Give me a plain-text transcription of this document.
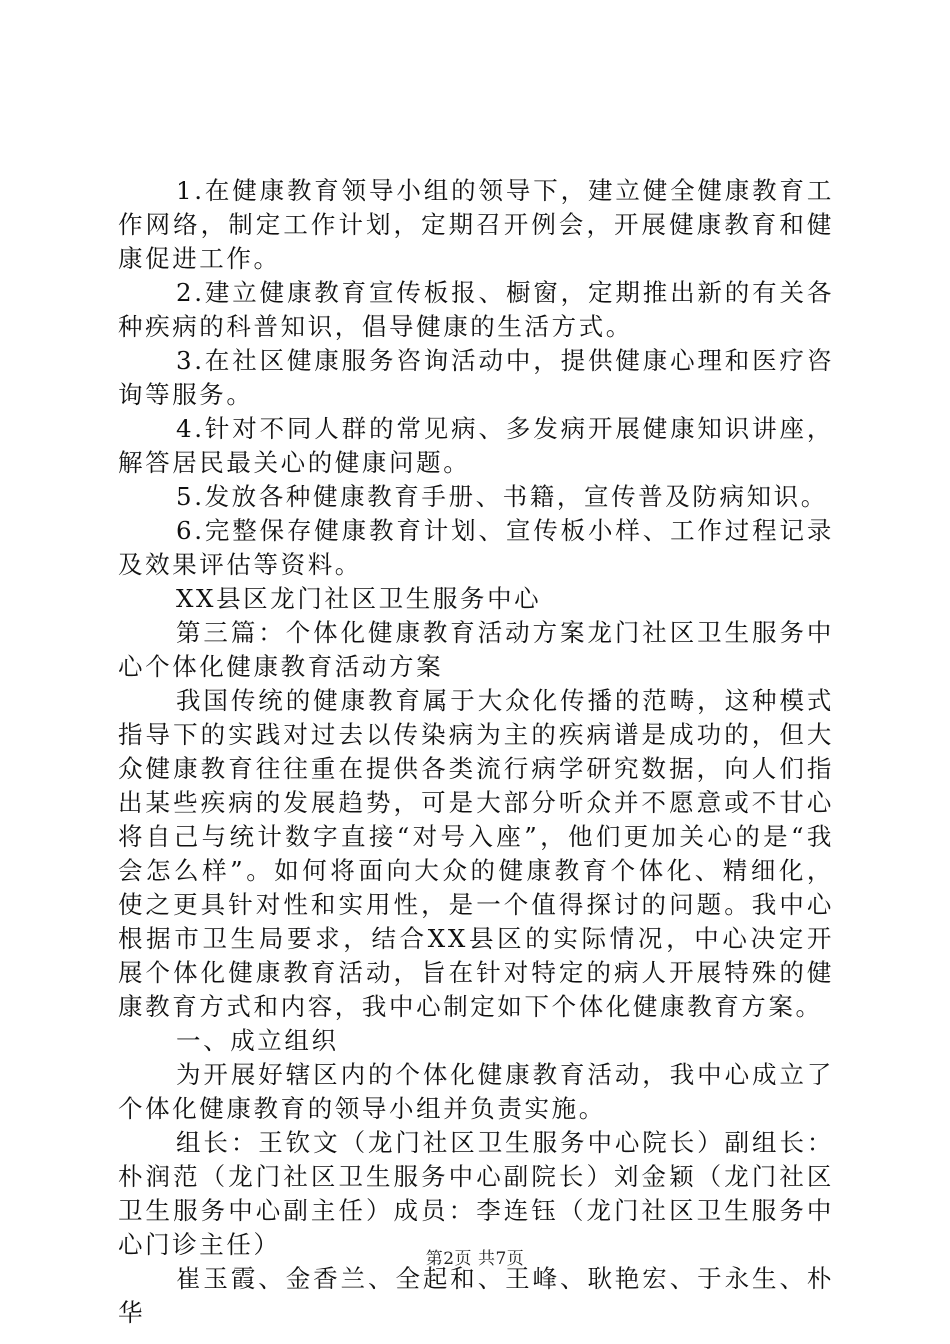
1.在健康教育领导小组的领导下，建立健全健康教育工作网络，制定工作计划，定期召开例会，开展健康教育和健康促进工作。

2.建立健康教育宣传板报、橱窗，定期推出新的有关各种疾病的科普知识，倡导健康的生活方式。

3.在社区健康服务咨询活动中，提供健康心理和医疗咨询等服务。

4.针对不同人群的常见病、多发病开展健康知识讲座，解答居民最关心的健康问题。

5.发放各种健康教育手册、书籍，宣传普及防病知识。

6.完整保存健康教育计划、宣传板小样、工作过程记录及效果评估等资料。

XX县区龙门社区卫生服务中心

第三篇：个体化健康教育活动方案龙门社区卫生服务中心个体化健康教育活动方案

我国传统的健康教育属于大众化传播的范畴，这种模式指导下的实践对过去以传染病为主的疾病谱是成功的，但大众健康教育往往重在提供各类流行病学研究数据，向人们指出某些疾病的发展趋势，可是大部分听众并不愿意或不甘心将自己与统计数字直接“对号入座”，他们更加关心的是“我会怎么样”。如何将面向大众的健康教育个体化、精细化，使之更具针对性和实用性，是一个值得探讨的问题。我中心根据市卫生局要求，结合XX县区的实际情况，中心决定开展个体化健康教育活动，旨在针对特定的病人开展特殊的健康教育方式和内容，我中心制定如下个体化健康教育方案。

一、成立组织

为开展好辖区内的个体化健康教育活动，我中心成立了个体化健康教育的领导小组并负责实施。

组长：王钦文（龙门社区卫生服务中心院长）副组长：朴润范（龙门社区卫生服务中心副院长）刘金颖（龙门社区卫生服务中心副主任）成员：李连钰（龙门社区卫生服务中心门诊主任）

崔玉霞、金香兰、全起和、王峰、耿艳宏、于永生、朴华

第2页 共7页
